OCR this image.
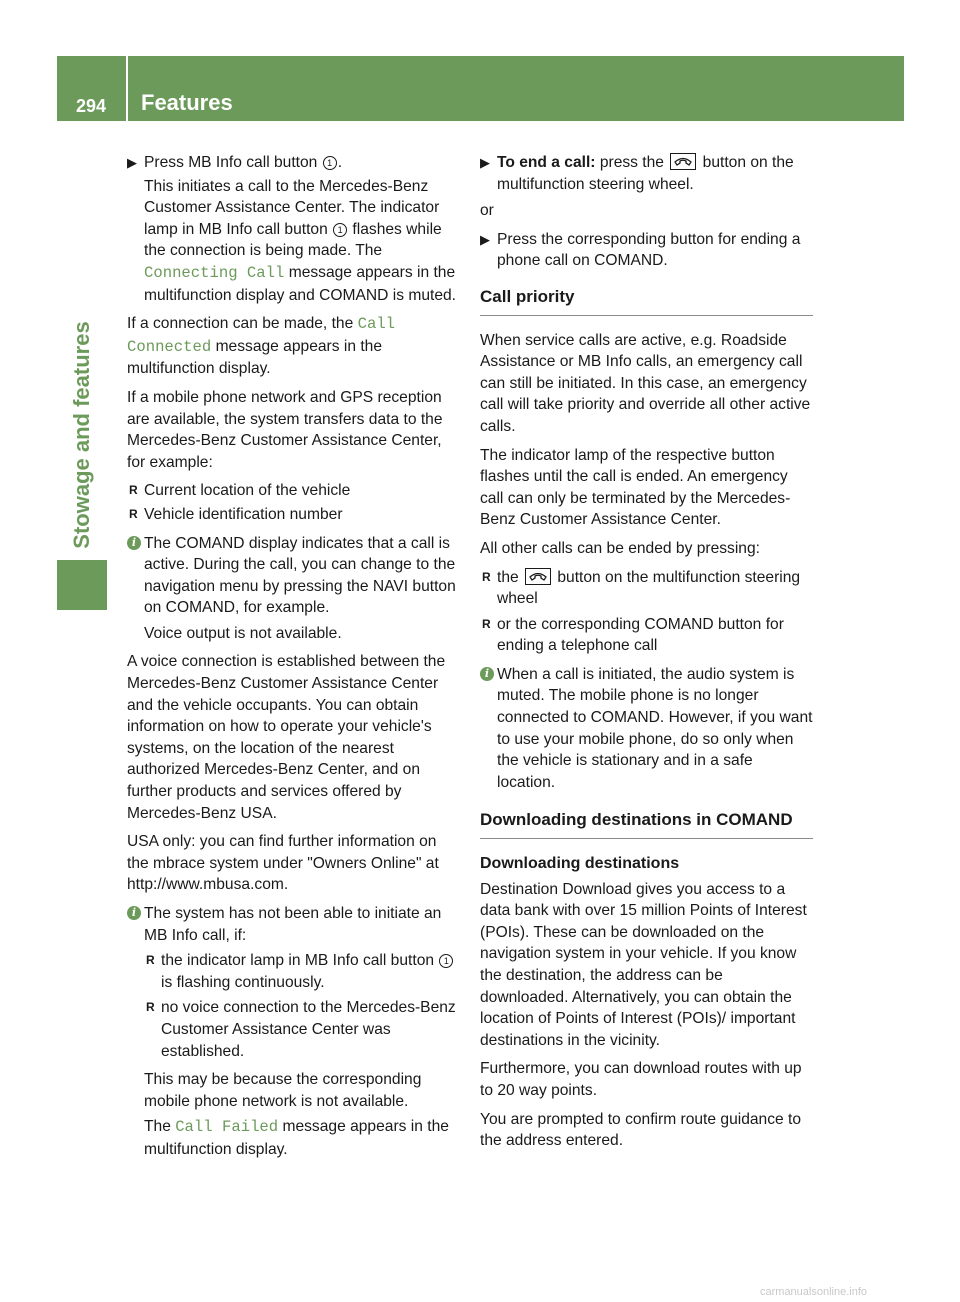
294	Features
Stowage and features
▶ Press MB Info call button 1 .
This initiates a call to the Mercedes-Benz Customer Assistance Center. The indicator lamp in MB Info call button 1 flashes while the connection is being made. The Connecting Call message appears in the multifunction display and COMAND is muted.

If a connection can be made, the Call Connected message appears in the multifunction display.

If a mobile phone network and GPS reception are available, the system transfers data to the Mercedes-Benz Customer Assistance Center, for example:

R Current location of the vehicle
R Vehicle identification number
i The COMAND display indicates that a call is active. During the call, you can change to the navigation menu by pressing the NAVI button on COMAND, for example.
Voice output is not available.

A voice connection is established between the Mercedes-Benz Customer Assistance Center and the vehicle occupants. You can obtain information on how to operate your vehicle's systems, on the location of the nearest authorized Mercedes-Benz Center, and on further products and services offered by Mercedes-Benz USA.

USA only: you can find further information on the mbrace system under "Owners Online" at http://www.mbusa.com.

i The system has not been able to initiate an MB Info call, if:
R the indicator lamp in MB Info call button 1 is flashing continuously.
R no voice connection to the Mercedes-Benz Customer Assistance Center was established.
This may be because the corresponding mobile phone network is not available.
The Call Failed message appears in the multifunction display.
▶ To end a call: press the
button on the multifunction steering wheel.

or

▶ Press the corresponding button for ending a phone call on COMAND.
Call priority

When service calls are active, e.g. Roadside Assistance or MB Info calls, an emergency call can still be initiated. In this case, an emergency call will take priority and override all other active calls.

The indicator lamp of the respective button flashes until the call is ended. An emergency call can only be terminated by the Mercedes-Benz Customer Assistance Center.

All other calls can be ended by pressing:

R the
button on the multifunction steering wheel
R or the corresponding COMAND button for ending a telephone call
i When a call is initiated, the audio system is muted. The mobile phone is no longer connected to COMAND. However, if you want to use your mobile phone, do so only when the vehicle is stationary and in a safe location.
Downloading destinations in COMAND
Downloading destinations

Destination Download gives you access to a data bank with over 15 million Points of Interest (POIs). These can be downloaded on the navigation system in your vehicle. If you know the destination, the address can be downloaded. Alternatively, you can obtain the location of Points of Interest (POIs)/ important destinations in the vicinity.

Furthermore, you can download routes with up to 20 way points.

You are prompted to confirm route guidance to the address entered.

carmanualsonline.info
